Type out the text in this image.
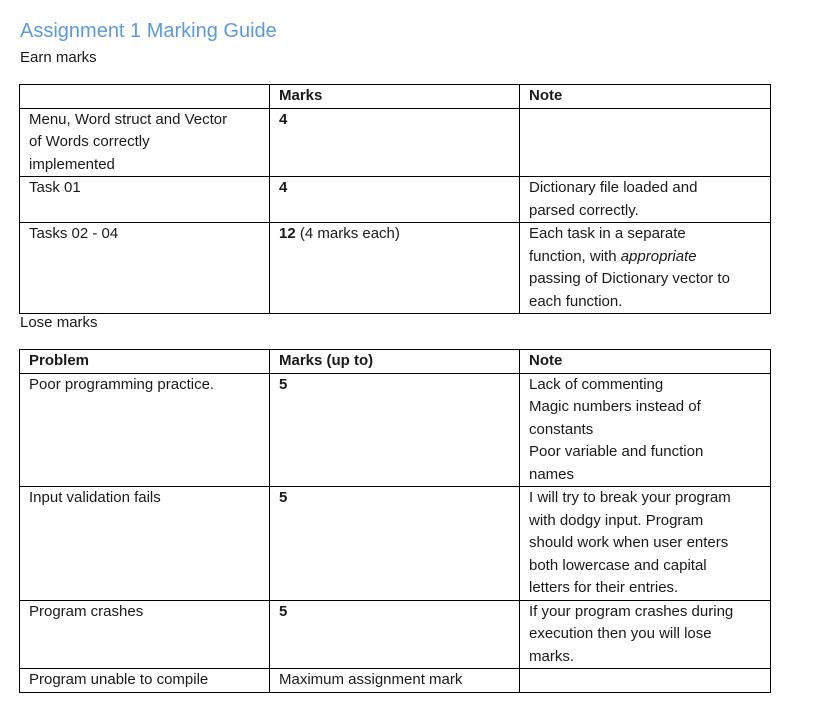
Assignment 1 Marking Guide
Earn marks
	Marks	Note

Menu, Word struct and Vector
of Words correctly
implemented	4	

Task 01	4	Dictionary file loaded and
parsed correctly.

Tasks 02 - 04	12 (4 marks each)	Each task in a separate
function, with appropriate
passing of Dictionary vector to
each function.
Lose marks
Problem	Marks (up to)	Note

Poor programming practice.	5	Lack of commenting
Magic numbers instead of
constants
Poor variable and function
names

Input validation fails	5	I will try to break your program
with dodgy input. Program
should work when user enters
both lowercase and capital
letters for their entries.

Program crashes	5	If your program crashes during
execution then you will lose
marks.

Program unable to compile	Maximum assignment mark	
